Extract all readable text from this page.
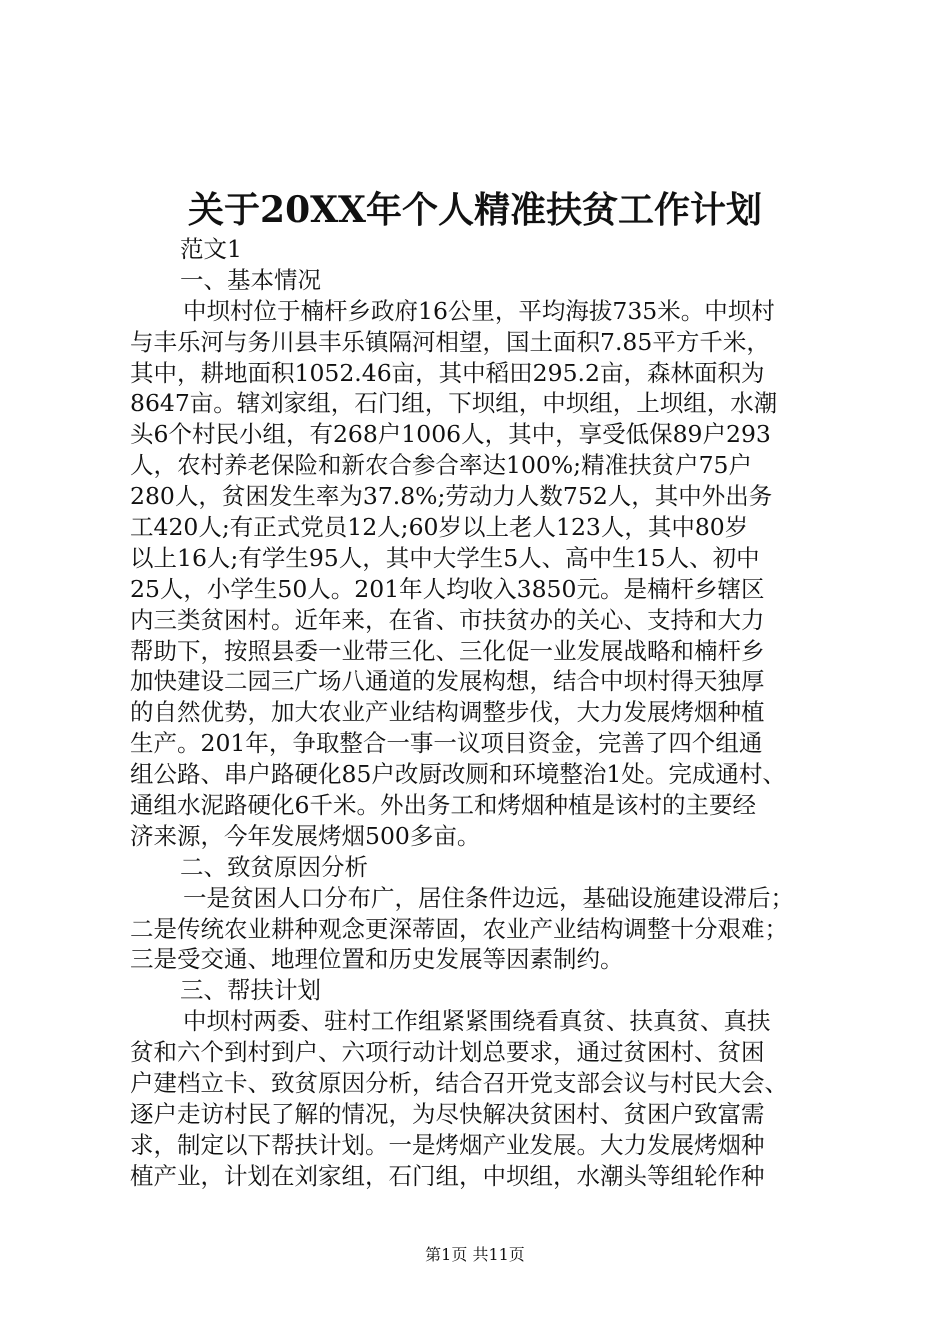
关于20XX年个人精准扶贫工作计划
范文1
一、基本情况
中坝村位于楠杆乡政府16公里，平均海拔735米。中坝村
与丰乐河与务川县丰乐镇隔河相望，国土面积7.85平方千米，
其中，耕地面积1052.46亩，其中稻田295.2亩，森林面积为
8647亩。辖刘家组，石门组，下坝组，中坝组，上坝组，水潮
头6个村民小组，有268户1006人，其中，享受低保89户293
人，农村养老保险和新农合参合率达100%;精准扶贫户75户
280人，贫困发生率为37.8%;劳动力人数752人，其中外出务
工420人;有正式党员12人;60岁以上老人123人，其中80岁
以上16人;有学生95人，其中大学生5人、高中生15人、初中
25人，小学生50人。201年人均收入3850元。是楠杆乡辖区
内三类贫困村。近年来，在省、市扶贫办的关心、支持和大力
帮助下，按照县委一业带三化、三化促一业发展战略和楠杆乡
加快建设二园三广场八通道的发展构想，结合中坝村得天独厚
的自然优势，加大农业产业结构调整步伐，大力发展烤烟种植
生产。201年，争取整合一事一议项目资金，完善了四个组通
组公路、串户路硬化85户改厨改厕和环境整治1处。完成通村、
通组水泥路硬化6千米。外出务工和烤烟种植是该村的主要经
济来源，今年发展烤烟500多亩。
二、致贫原因分析
一是贫困人口分布广，居住条件边远，基础设施建设滞后；
二是传统农业耕种观念更深蒂固，农业产业结构调整十分艰难；
三是受交通、地理位置和历史发展等因素制约。
三、帮扶计划
中坝村两委、驻村工作组紧紧围绕看真贫、扶真贫、真扶
贫和六个到村到户、六项行动计划总要求，通过贫困村、贫困
户建档立卡、致贫原因分析，结合召开党支部会议与村民大会、
逐户走访村民了解的情况，为尽快解决贫困村、贫困户致富需
求，制定以下帮扶计划。一是烤烟产业发展。大力发展烤烟种
植产业，计划在刘家组，石门组，中坝组，水潮头等组轮作种
第1页 共11页
